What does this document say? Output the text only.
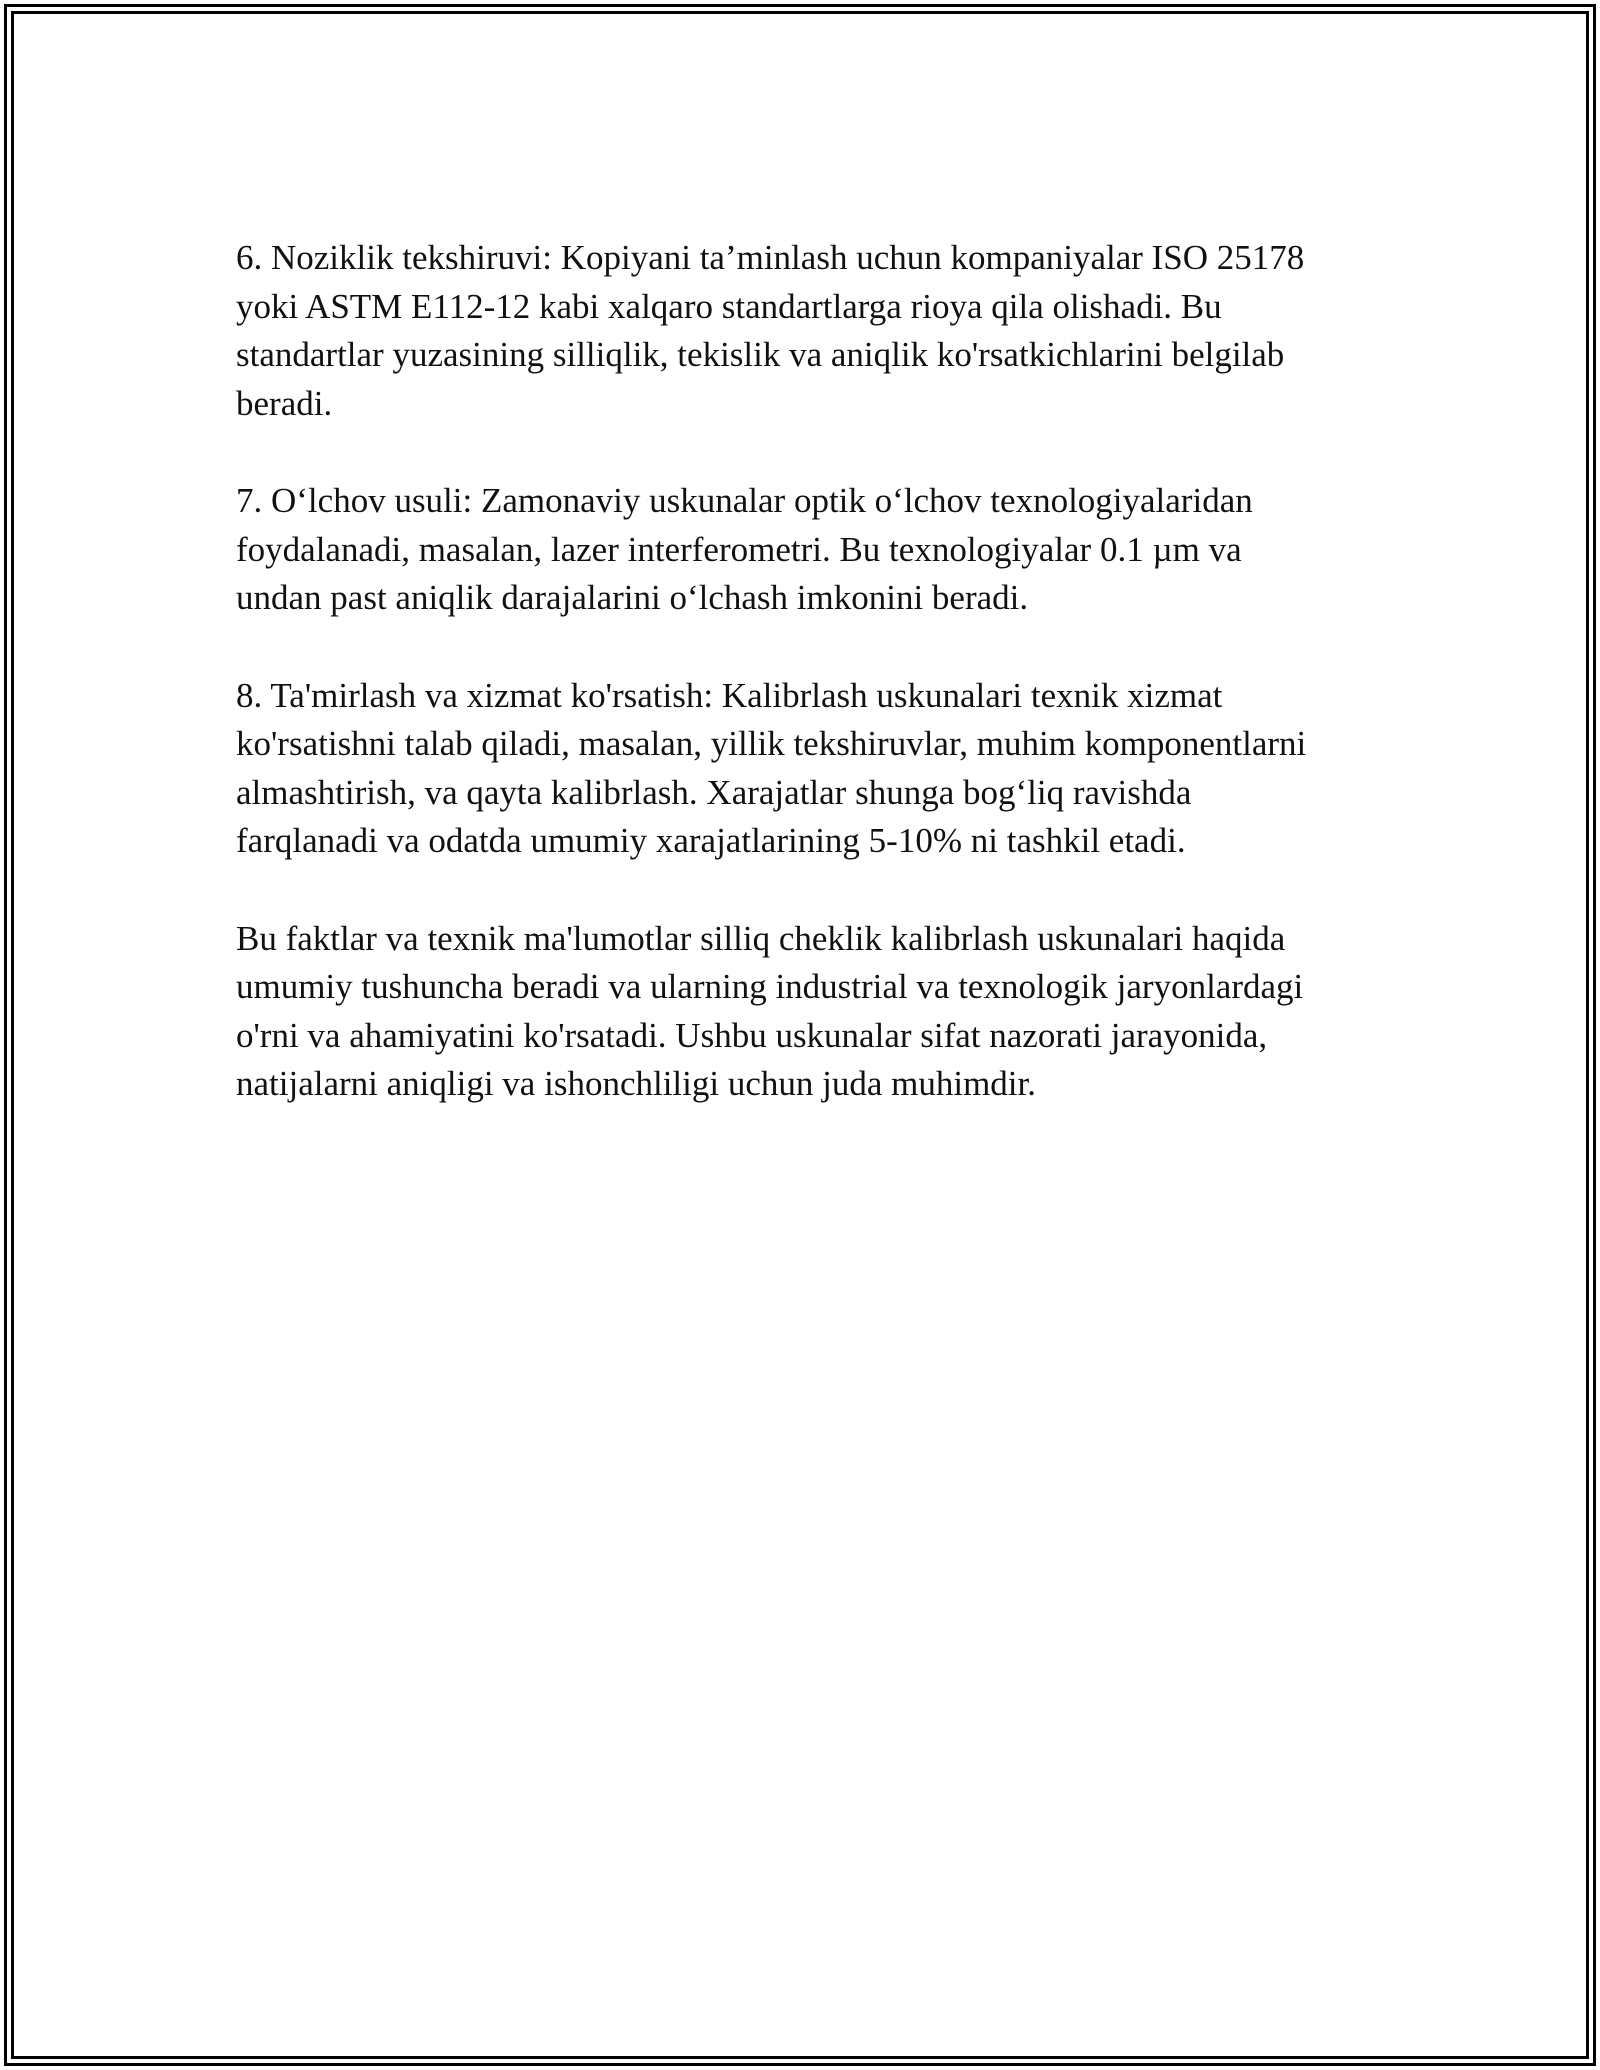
6. Noziklik tekshiruvi: Kopiyani ta’minlash uchun kompaniyalar ISO 25178
yoki ASTM E112-12 kabi xalqaro standartlarga rioya qila olishadi. Bu
standartlar yuzasining silliqlik, tekislik va aniqlik ko'rsatkichlarini belgilab
beradi.

7. Oʻlchov usuli: Zamonaviy uskunalar optik oʻlchov texnologiyalaridan
foydalanadi, masalan, lazer interferometri. Bu texnologiyalar 0.1 µm va
undan past aniqlik darajalarini oʻlchash imkonini beradi.

8. Ta'mirlash va xizmat ko'rsatish: Kalibrlash uskunalari texnik xizmat
ko'rsatishni talab qiladi, masalan, yillik tekshiruvlar, muhim komponentlarni
almashtirish, va qayta kalibrlash. Xarajatlar shunga bogʻliq ravishda
farqlanadi va odatda umumiy xarajatlarining 5-10% ni tashkil etadi.

Bu faktlar va texnik ma'lumotlar silliq cheklik kalibrlash uskunalari haqida
umumiy tushuncha beradi va ularning industrial va texnologik jaryonlardagi
o'rni va ahamiyatini ko'rsatadi. Ushbu uskunalar sifat nazorati jarayonida,
natijalarni aniqligi va ishonchliligi uchun juda muhimdir.
